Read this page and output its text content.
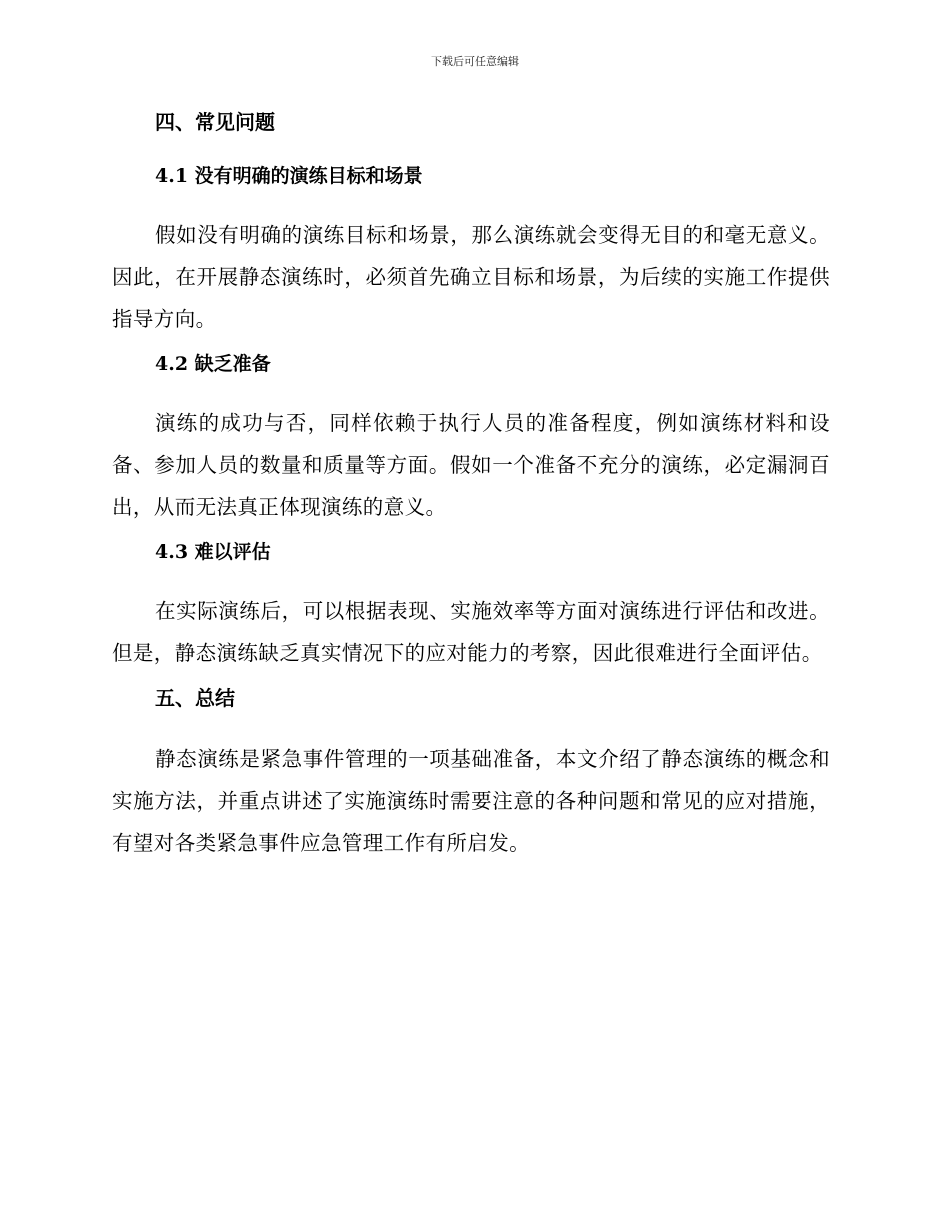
下载后可任意编辑
四、常见问题
4.1 没有明确的演练目标和场景

假如没有明确的演练目标和场景，那么演练就会变得无目的和毫无意义。因此，在开展静态演练时，必须首先确立目标和场景，为后续的实施工作提供指导方向。

4.2 缺乏准备

演练的成功与否，同样依赖于执行人员的准备程度，例如演练材料和设备、参加人员的数量和质量等方面。假如一个准备不充分的演练，必定漏洞百出，从而无法真正体现演练的意义。

4.3 难以评估

在实际演练后，可以根据表现、实施效率等方面对演练进行评估和改进。但是，静态演练缺乏真实情况下的应对能力的考察，因此很难进行全面评估。

五、总结

静态演练是紧急事件管理的一项基础准备，本文介绍了静态演练的概念和实施方法，并重点讲述了实施演练时需要注意的各种问题和常见的应对措施，有望对各类紧急事件应急管理工作有所启发。
